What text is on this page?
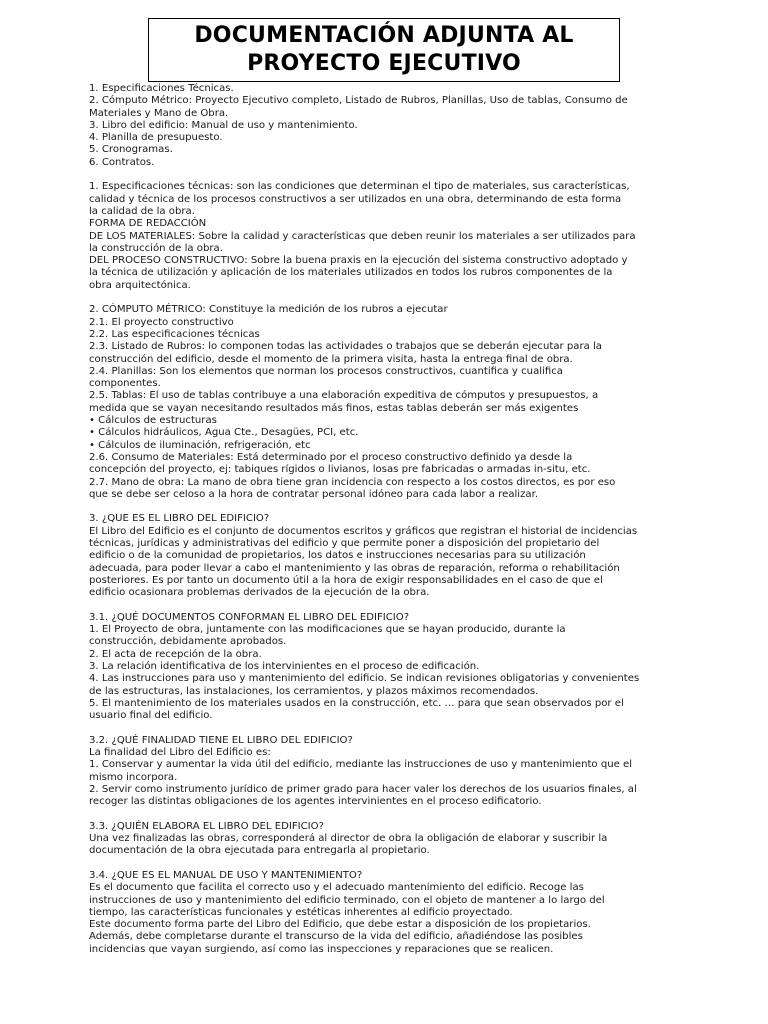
DOCUMENTACIÓN ADJUNTA AL
PROYECTO EJECUTIVO
1. Especificaciones Técnicas.
2. Cómputo Métrico: Proyecto Ejecutivo completo, Listado de Rubros, Planillas, Uso de tablas, Consumo de
Materiales y Mano de Obra.
3. Libro del edificio: Manual de uso y mantenimiento.
4. Planilla de presupuesto.
5. Cronogramas.
6. Contratos.
1. Especificaciones técnicas: son las condiciones que determinan el tipo de materiales, sus características,
calidad y técnica de los procesos constructivos a ser utilizados en una obra, determinando de esta forma
la calidad de la obra.
FORMA DE REDACCIÓN
DE LOS MATERIALES: Sobre la calidad y características que deben reunir los materiales a ser utilizados para
la construcción de la obra.
DEL PROCESO CONSTRUCTIVO: Sobre la buena praxis en la ejecución del sistema constructivo adoptado y
la técnica de utilización y aplicación de los materiales utilizados en todos los rubros componentes de la
obra arquitectónica.
2. CÓMPUTO MÉTRICO: Constituye la medición de los rubros a ejecutar
2.1. El proyecto constructivo
2.2. Las especificaciones técnicas
2.3. Listado de Rubros: lo componen todas las actividades o trabajos que se deberán ejecutar para la
construcción del edificio, desde el momento de la primera visita, hasta la entrega final de obra.
2.4. Planillas: Son los elementos que norman los procesos constructivos, cuantifica y cualifica
componentes.
2.5. Tablas: El uso de tablas contribuye a una elaboración expeditiva de cómputos y presupuestos, a
medida que se vayan necesitando resultados más finos, estas tablas deberán ser más exigentes
• Cálculos de estructuras
• Cálculos hidráulicos, Agua Cte., Desagües, PCI, etc.
• Cálculos de iluminación, refrigeración, etc
2.6. Consumo de Materiales: Está determinado por el proceso constructivo definido ya desde la
concepción del proyecto, ej: tabiques rígidos o livianos, losas pre fabricadas o armadas in-situ, etc.
2.7. Mano de obra: La mano de obra tiene gran incidencia con respecto a los costos directos, es por eso
que se debe ser celoso a la hora de contratar personal idóneo para cada labor a realizar.
3. ¿QUE ES EL LIBRO DEL EDIFICIO?
El Libro del Edificio es el conjunto de documentos escritos y gráficos que registran el historial de incidencias
técnicas, jurídicas y administrativas del edificio y que permite poner a disposición del propietario del
edificio o de la comunidad de propietarios, los datos e instrucciones necesarias para su utilización
adecuada, para poder llevar a cabo el mantenimiento y las obras de reparación, reforma o rehabilitación
posteriores. Es por tanto un documento útil a la hora de exigir responsabilidades en el caso de que el
edificio ocasionara problemas derivados de la ejecución de la obra.
3.1. ¿QUÉ DOCUMENTOS CONFORMAN EL LIBRO DEL EDIFICIO?
1. El Proyecto de obra, juntamente con las modificaciones que se hayan producido, durante la
construcción, debidamente aprobados.
2. El acta de recepción de la obra.
3. La relación identificativa de los intervinientes en el proceso de edificación.
4. Las instrucciones para uso y mantenimiento del edificio. Se indican revisiones obligatorias y convenientes
de las estructuras, las instalaciones, los cerramientos, y plazos máximos recomendados.
5. El mantenimiento de los materiales usados en la construcción, etc. … para que sean observados por el
usuario final del edificio.
3.2. ¿QUÉ FINALIDAD TIENE EL LIBRO DEL EDIFICIO?
La finalidad del Libro del Edificio es:
1. Conservar y aumentar la vida útil del edificio, mediante las instrucciones de uso y mantenimiento que el
mismo incorpora.
2. Servir como instrumento jurídico de primer grado para hacer valer los derechos de los usuarios finales, al
recoger las distintas obligaciones de los agentes intervinientes en el proceso edificatorio.
3.3. ¿QUIÉN ELABORA EL LIBRO DEL EDIFICIO?
Una vez finalizadas las obras, corresponderá al director de obra la obligación de elaborar y suscribir la
documentación de la obra ejecutada para entregarla al propietario.
3.4. ¿QUE ES EL MANUAL DE USO Y MANTENIMIENTO?
Es el documento que facilita el correcto uso y el adecuado mantenimiento del edificio. Recoge las
instrucciones de uso y mantenimiento del edificio terminado, con el objeto de mantener a lo largo del
tiempo, las características funcionales y estéticas inherentes al edificio proyectado.
Este documento forma parte del Libro del Edificio, que debe estar a disposición de los propietarios.
Además, debe completarse durante el transcurso de la vida del edificio, añadiéndose las posibles
incidencias que vayan surgiendo, así como las inspecciones y reparaciones que se realicen.
